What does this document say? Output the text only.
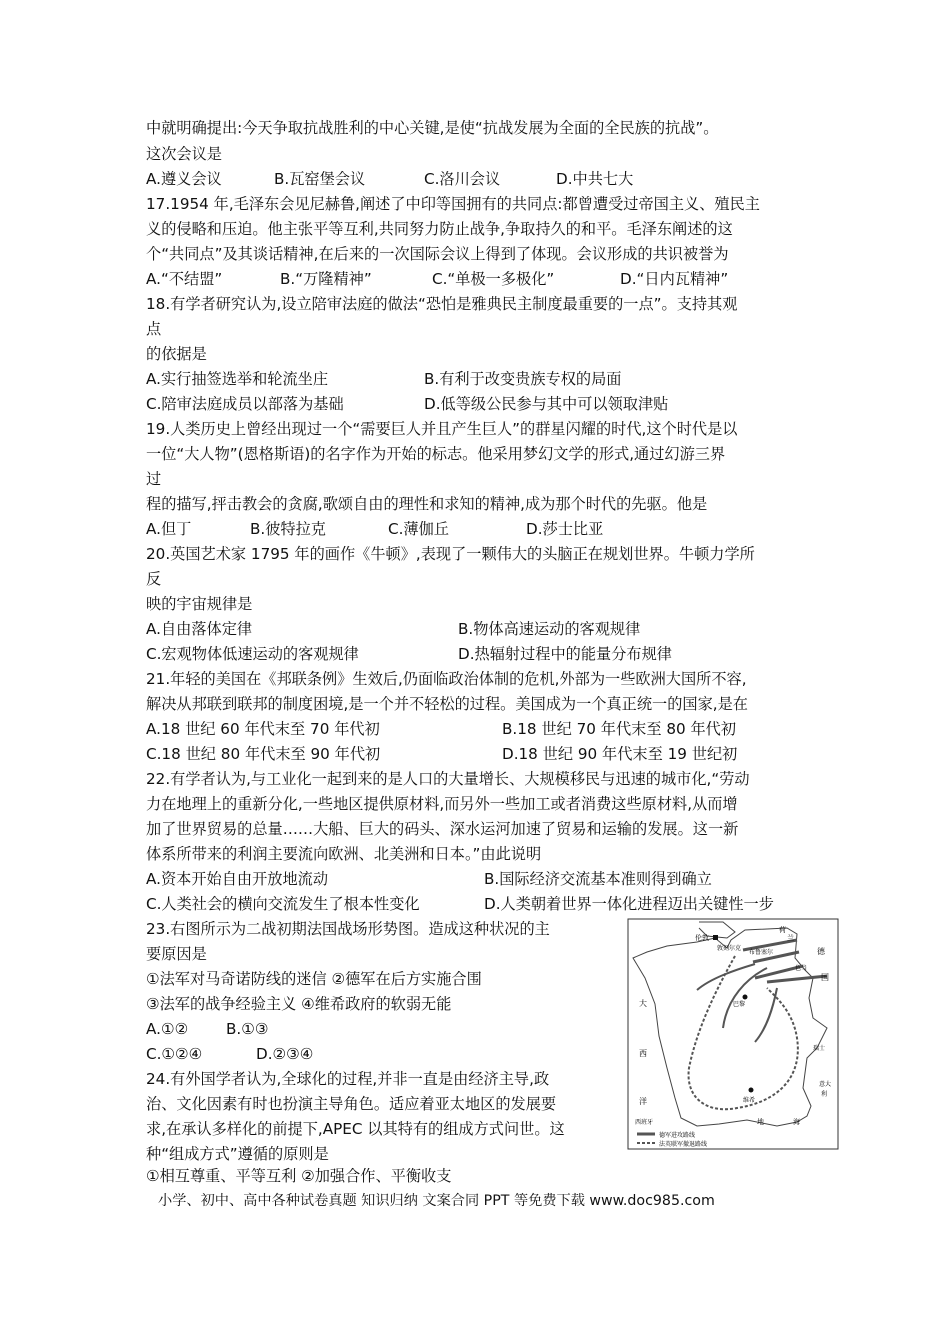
中就明确提出:今天争取抗战胜利的中心关键,是使“抗战发展为全面的全民族的抗战”。
这次会议是
A.遵义会议	B.瓦窑堡会议	C.洛川会议	D.中共七大
17.1954 年,毛泽东会见尼赫鲁,阐述了中印等国拥有的共同点:都曾遭受过帝国主义、殖民主
义的侵略和压迫。他主张平等互利,共同努力防止战争,争取持久的和平。毛泽东阐述的这
个“共同点”及其谈话精神,在后来的一次国际会议上得到了体现。会议形成的共识被誉为
A.“不结盟”	B.“万隆精神”	C.“单极一多极化”	D.“日内瓦精神”
18.有学者研究认为,设立陪审法庭的做法“恐怕是雅典民主制度最重要的一点”。支持其观
点
的依据是
A.实行抽签选举和轮流坐庄	B.有利于改变贵族专权的局面
C.陪审法庭成员以部落为基础	D.低等级公民参与其中可以领取津贴
19.人类历史上曾经出现过一个“需要巨人并且产生巨人”的群星闪耀的时代,这个时代是以
一位“大人物”(恩格斯语)的名字作为开始的标志。他采用梦幻文学的形式,通过幻游三界
过
程的描写,抨击教会的贪腐,歌颂自由的理性和求知的精神,成为那个时代的先驱。他是
A.但丁	B.彼特拉克	C.薄伽丘	D.莎士比亚
20.英国艺术家 1795 年的画作《牛顿》,表现了一颗伟大的头脑正在规划世界。牛顿力学所
反
映的宇宙规律是
A.自由落体定律	B.物体高速运动的客观规律
C.宏观物体低速运动的客观规律	D.热辐射过程中的能量分布规律
21.年轻的美国在《邦联条例》生效后,仍面临政治体制的危机,外部为一些欧洲大国所不容,
解决从邦联到联邦的制度困境,是一个并不轻松的过程。美国成为一个真正统一的国家,是在
A.18 世纪 60 年代末至 70 年代初	B.18 世纪 70 年代末至 80 年代初
C.18 世纪 80 年代末至 90 年代初	D.18 世纪 90 年代末至 19 世纪初
22.有学者认为,与工业化一起到来的是人口的大量增长、大规模移民与迅速的城市化,“劳动
力在地理上的重新分化,一些地区提供原材料,而另外一些加工或者消费这些原材料,从而增
加了世界贸易的总量……大船、巨大的码头、深水运河加速了贸易和运输的发展。这一新
体系所带来的利润主要流向欧洲、北美洲和日本。”由此说明
A.资本开始自由开放地流动	B.国际经济交流基本准则得到确立
C.人类社会的横向交流发生了根本性变化	D.人类朝着世界一体化进程迈出关键性一步
23.右图所示为二战初期法国战场形势图。造成这种状况的主
要原因是
①法军对马奇诺防线的迷信 ②德军在后方实施合围
③法军的战争经验主义 ④维希政府的软弱无能
A.①② B.①③
C.①②④	D.②③④
伦敦
敦刻尔克
布鲁塞尔
荷
兰
德
色当
国
巴黎
大
西
洋
瑞士
维希
意大
利
西班牙	地	海
德军进攻路线
法英联军撤退路线
24.有外国学者认为,全球化的过程,并非一直是由经济主导,政
治、文化因素有时也扮演主导角色。适应着亚太地区的发展要
求,在承认多样化的前提下,APEC 以其特有的组成方式问世。这
种“组成方式”遵循的原则是
①相互尊重、平等互利 ②加强合作、平衡收支
小学、初中、高中各种试卷真题 知识归纳 文案合同 PPT 等免费下载 www.doc985.com
